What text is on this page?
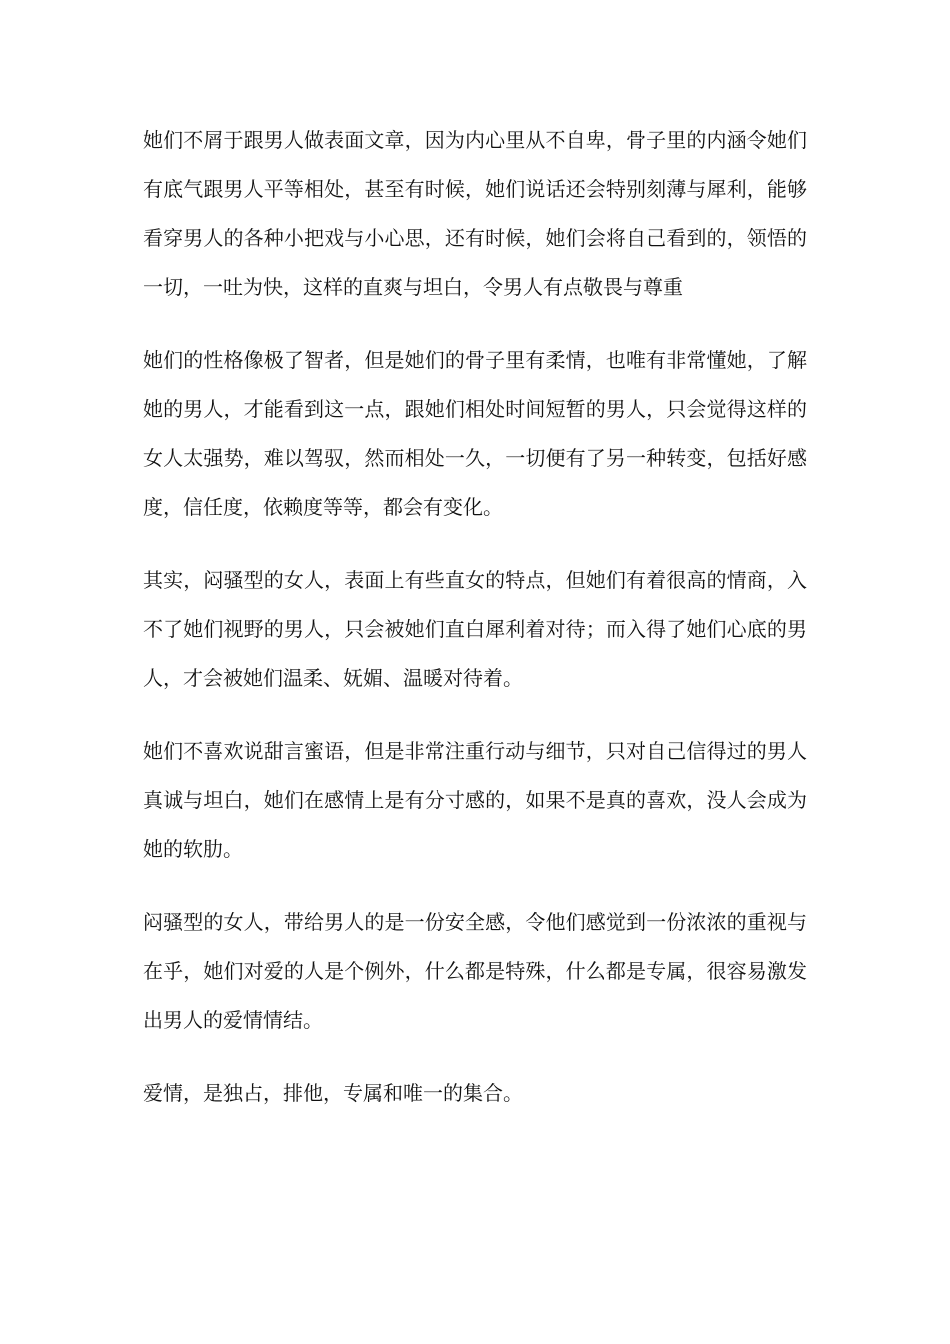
她们不屑于跟男人做表面文章，因为内心里从不自卑，骨子里的内涵令她们有底气跟男人平等相处，甚至有时候，她们说话还会特别刻薄与犀利，能够看穿男人的各种小把戏与小心思，还有时候，她们会将自己看到的，领悟的一切，一吐为快，这样的直爽与坦白，令男人有点敬畏与尊重

她们的性格像极了智者，但是她们的骨子里有柔情，也唯有非常懂她，了解她的男人，才能看到这一点，跟她们相处时间短暂的男人，只会觉得这样的女人太强势，难以驾驭，然而相处一久，一切便有了另一种转变，包括好感度，信任度，依赖度等等，都会有变化。

其实，闷骚型的女人，表面上有些直女的特点，但她们有着很高的情商，入不了她们视野的男人，只会被她们直白犀利着对待；而入得了她们心底的男人，才会被她们温柔、妩媚、温暖对待着。

她们不喜欢说甜言蜜语，但是非常注重行动与细节，只对自己信得过的男人真诚与坦白，她们在感情上是有分寸感的，如果不是真的喜欢，没人会成为她的软肋。

闷骚型的女人，带给男人的是一份安全感，令他们感觉到一份浓浓的重视与在乎，她们对爱的人是个例外，什么都是特殊，什么都是专属，很容易激发出男人的爱情情结。

爱情，是独占，排他，专属和唯一的集合。
